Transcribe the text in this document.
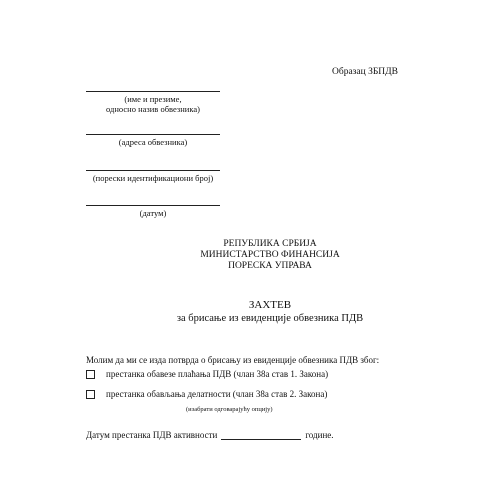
Образац ЗБПДВ
(име и презиме,
односно назив обвезника)
(адреса обвезника)
(порески идентификациони број)
(датум)
РЕПУБЛИКА СРБИЈА
МИНИСТАРСТВО ФИНАНСИЈА
ПОРЕСКА УПРАВА
ЗАХТЕВ
за брисање из евиденције обвезника ПДВ
Молим да ми се изда потврда о брисању из евиденције обвезника ПДВ због:
престанка обавезе плаћања ПДВ (члан 38а став 1. Закона)
престанка обављања делатности (члан 38а став 2. Закона)
(изабрати одговарајућу опцију)
Датум престанка ПДВ активности	године.
